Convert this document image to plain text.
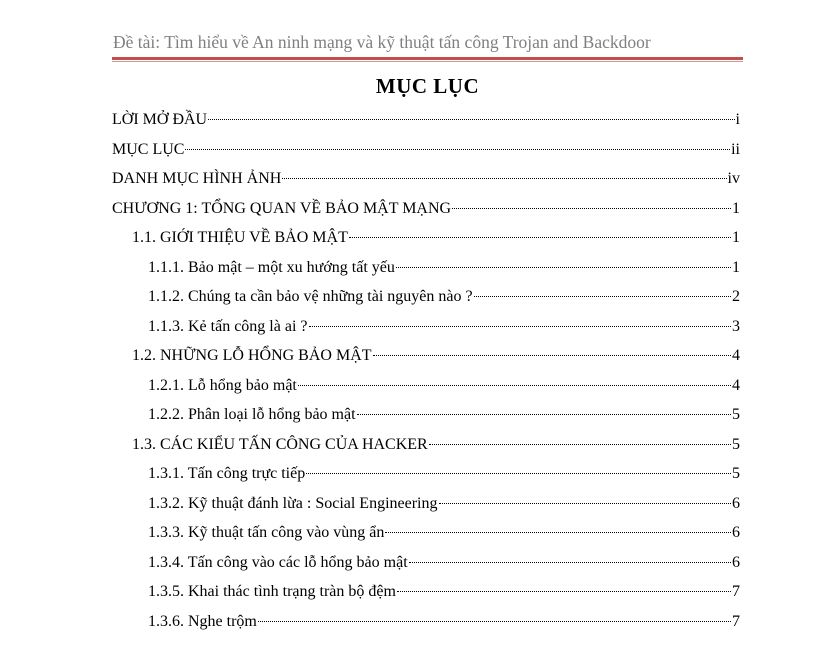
Đề tài: Tìm hiểu về An ninh mạng và kỹ thuật tấn công Trojan and Backdoor
MỤC LỤC
LỜI MỞ ĐẦU	i
MỤC LỤC	ii
DANH MỤC HÌNH ẢNH	iv
CHƯƠNG 1: TỔNG QUAN VỀ BẢO MẬT MẠNG	1
1.1. GIỚI THIỆU VỀ BẢO MẬT	1
1.1.1. Bảo mật – một xu hướng tất yếu	1
1.1.2. Chúng ta cần bảo vệ những tài nguyên nào ?	2
1.1.3. Kẻ tấn công là ai ?	3
1.2. NHỮNG LỖ HỔNG BẢO MẬT	4
1.2.1. Lỗ hổng bảo mật	4
1.2.2. Phân loại lỗ hổng bảo mật	5
1.3. CÁC KIỂU TẤN CÔNG CỦA HACKER	5
1.3.1. Tấn công trực tiếp	5
1.3.2. Kỹ thuật đánh lừa : Social Engineering	6
1.3.3. Kỹ thuật tấn công vào vùng ẩn	6
1.3.4. Tấn công vào các lỗ hổng bảo mật	6
1.3.5. Khai thác tình trạng tràn bộ đệm	7
1.3.6. Nghe trộm	7
